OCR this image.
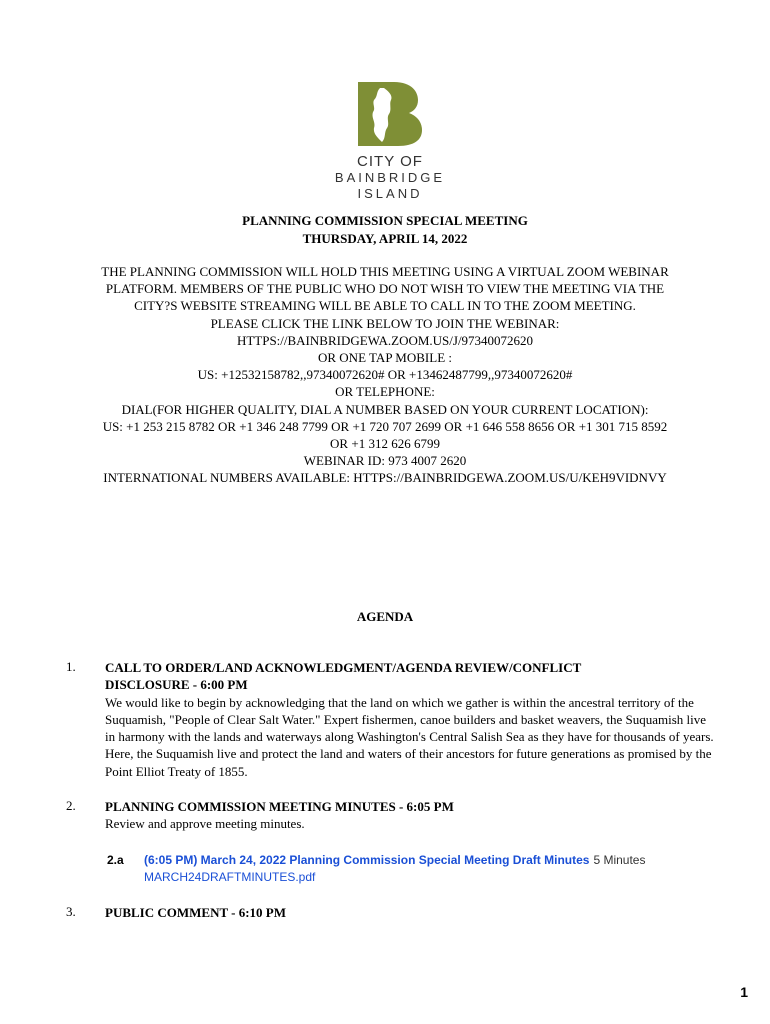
CITY OF
BAINBRIDGE ISLAND
PLANNING COMMISSION SPECIAL MEETING
THURSDAY, APRIL 14, 2022
THE PLANNING COMMISSION WILL HOLD THIS MEETING USING A VIRTUAL ZOOM WEBINAR
PLATFORM. MEMBERS OF THE PUBLIC WHO DO NOT WISH TO VIEW THE MEETING VIA THE
CITY?S WEBSITE STREAMING WILL BE ABLE TO CALL IN TO THE ZOOM MEETING.
PLEASE CLICK THE LINK BELOW TO JOIN THE WEBINAR:
HTTPS://BAINBRIDGEWA.ZOOM.US/J/97340072620
OR ONE TAP MOBILE :
US: +12532158782,,97340072620# OR +13462487799,,97340072620#
OR TELEPHONE:
DIAL(FOR HIGHER QUALITY, DIAL A NUMBER BASED ON YOUR CURRENT LOCATION):
US: +1 253 215 8782 OR +1 346 248 7799 OR +1 720 707 2699 OR +1 646 558 8656 OR +1 301 715 8592
OR +1 312 626 6799
WEBINAR ID: 973 4007 2620
INTERNATIONAL NUMBERS AVAILABLE: HTTPS://BAINBRIDGEWA.ZOOM.US/U/KEH9VIDNVY
AGENDA
1. CALL TO ORDER/LAND ACKNOWLEDGMENT/AGENDA REVIEW/CONFLICT
DISCLOSURE - 6:00 PM
We would like to begin by acknowledging that the land on which we gather is within the ancestral territory of the Suquamish, "People of Clear Salt Water." Expert fishermen, canoe builders and basket weavers, the Suquamish live in harmony with the lands and waterways along Washington's Central Salish Sea as they have for thousands of years. Here, the Suquamish live and protect the land and waters of their ancestors for future generations as promised by the Point Elliot Treaty of 1855.
2. PLANNING COMMISSION MEETING MINUTES - 6:05 PM
Review and approve meeting minutes.
2.a (6:05 PM) March 24, 2022 Planning Commission Special Meeting Draft Minutes 5 Minutes
MARCH24DRAFTMINUTES.pdf
3. PUBLIC COMMENT - 6:10 PM
1
